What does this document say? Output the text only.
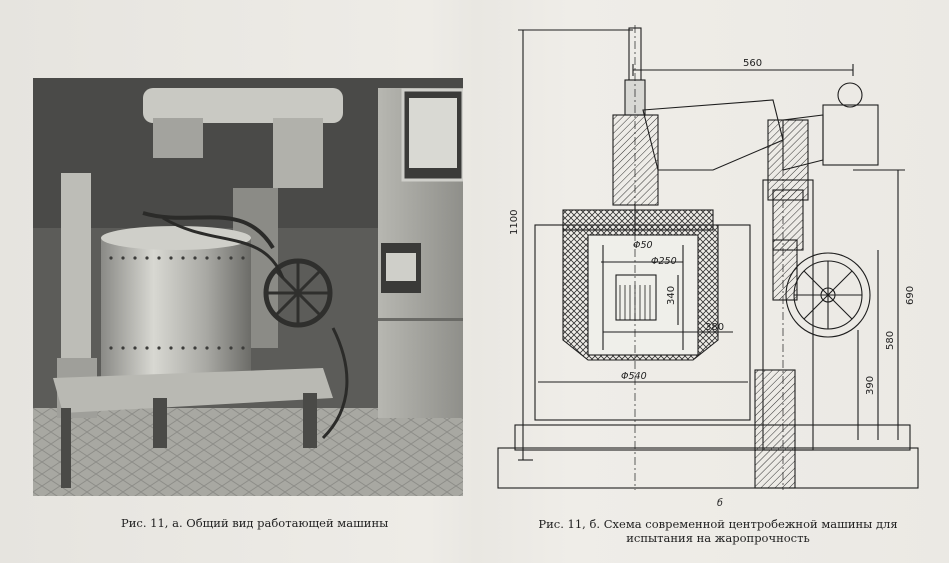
Рис. 11, а. Общий вид работающей машины
560
1100
Φ50
Φ250
340
380
Φ540
690
580
390
б
Рис. 11, б. Схема современной центробежной машины для испытания на жаропрочность
